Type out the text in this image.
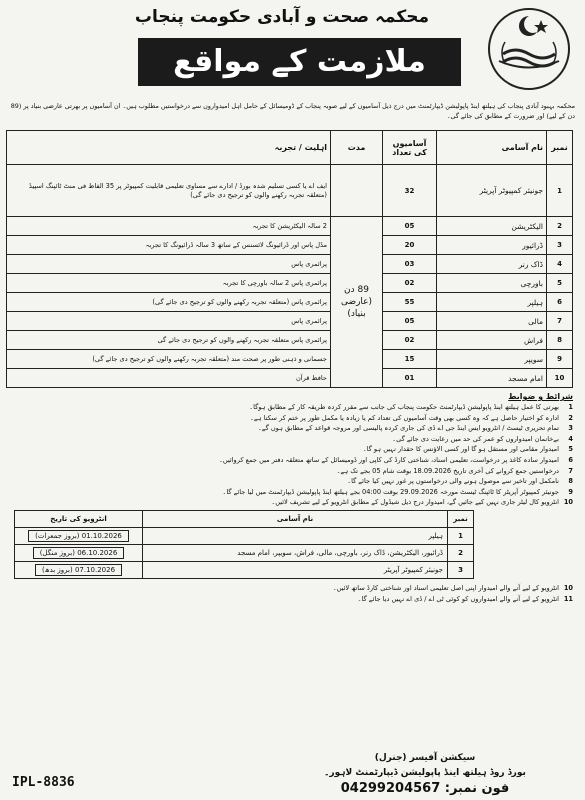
محکمہ صحت و آبادی حکومت پنجاب
ملازمت کے مواقع
محکمہ بہبود آبادی پنجاب کی ہیلتھ اینڈ پاپولیشن ڈیپارٹمنٹ میں درج ذیل آسامیوں کے لیے صوبہ پنجاب کے ڈومیسائل کے حامل اہل امیدواروں سے درخواستیں مطلوب ہیں۔ ان آسامیوں پر بھرتی عارضی بنیاد پر (89 دن کے لیے) اور ضرورت کے مطابق کی جائے گی۔
نمبر	نام آسامی	آسامیوں کی تعداد	مدت	اہلیت / تجربہ
1	جونیئر کمپیوٹر آپریٹر	32		ایف اے یا کسی تسلیم شدہ بورڈ / ادارے سے مساوی تعلیمی قابلیت کمپیوٹر پر 35 الفاظ فی منٹ ٹائپنگ اسپیڈ (متعلقہ تجربہ رکھنے والوں کو ترجیح دی جائے گی)
2	الیکٹریشن	05	89 دن (عارضی بنیاد)	2 سالہ الیکٹریشن کا تجربہ
3	ڈرائیور	20		مڈل پاس اور ڈرائیونگ لائسنس کے ساتھ 3 سالہ ڈرائیونگ کا تجربہ
4	ڈاک رنر	03		پرائمری پاس
5	باورچی	02		پرائمری پاس 2 سالہ باورچی کا تجربہ
6	ہیلپر	55		پرائمری پاس (متعلقہ تجربہ رکھنے والوں کو ترجیح دی جائے گی)
7	مالی	05		پرائمری پاس
8	فراش	02		پرائمری پاس متعلقہ تجربہ رکھنے والوں کو ترجیح دی جائے گی
9	سویپر	15		جسمانی و ذہنی طور پر صحت مند (متعلقہ تجربہ رکھنے والوں کو ترجیح دی جائے گی)
10	امام مسجد	01		حافظ قرآن
شرائط و ضوابط
1
بھرتی کا عمل ہیلتھ اینڈ پاپولیشن ڈیپارٹمنٹ حکومت پنجاب کی جانب سے مقرر کردہ طریقہ کار کے مطابق ہوگا۔
2
ادارہ کو اختیار حاصل ہے کہ وہ کسی بھی وقت آسامیوں کی تعداد کم یا زیادہ یا مکمل طور پر ختم کر سکتا ہے۔
3
تمام تحریری ٹیسٹ / انٹرویو ایس اینڈ جی اے ڈی کی جاری کردہ پالیسی اور مروجہ قواعد کے مطابق ہوں گے۔
4
بےخانمان امیدواروں کو عمر کی حد میں رعایت دی جائے گی۔
5
امیدوار مقامی اور مستقل ہو گا اور کسی الاؤنس کا حقدار نہیں ہو گا۔
6
امیدوار سادہ کاغذ پر درخواست، تعلیمی اسناد، شناختی کارڈ کی کاپی اور ڈومیسائل کے ساتھ متعلقہ دفتر میں جمع کروائیں۔
7
درخواستیں جمع کروانے کی آخری تاریخ 18.09.2026 بوقت شام 05 بجے تک ہے۔
8
نامکمل اور تاخیر سے موصول ہونے والی درخواستوں پر غور نہیں کیا جائے گا۔
9
جونیئر کمپیوٹر آپریٹر کا ٹائپنگ ٹیسٹ مورخہ 29.09.2026 بوقت 04:00 بجے ہیلتھ اینڈ پاپولیشن ڈیپارٹمنٹ میں لیا جائے گا۔
10
انٹرویو کال لیٹر جاری نہیں کیے جائیں گے، امیدوار درج ذیل شیڈول کے مطابق انٹرویو کے لیے تشریف لائیں۔
نمبر	نام آسامی	انٹرویو کی تاریخ
1	ہیلپر	01.10.2026 (بروز جمعرات)
2	ڈرائیور، الیکٹریشن، ڈاک رنر، باورچی، مالی، فراش، سویپر، امام مسجد	06.10.2026 (بروز منگل)
3	جونیئر کمپیوٹر آپریٹر	07.10.2026 (بروز بدھ)
10
انٹرویو کے لیے آنے والے امیدوار اپنی اصل تعلیمی اسناد اور شناختی کارڈ ساتھ لائیں۔
11
انٹرویو کے لیے آنے والے امیدواروں کو کوئی ٹی اے / ڈی اے نہیں دیا جائے گا۔
IPL-8836
سیکشن آفیسر (جنرل)
بورڈ روڈ ہیلتھ اینڈ پاپولیشن ڈیپارٹمنٹ لاہور۔
فون نمبر: 04299204567
